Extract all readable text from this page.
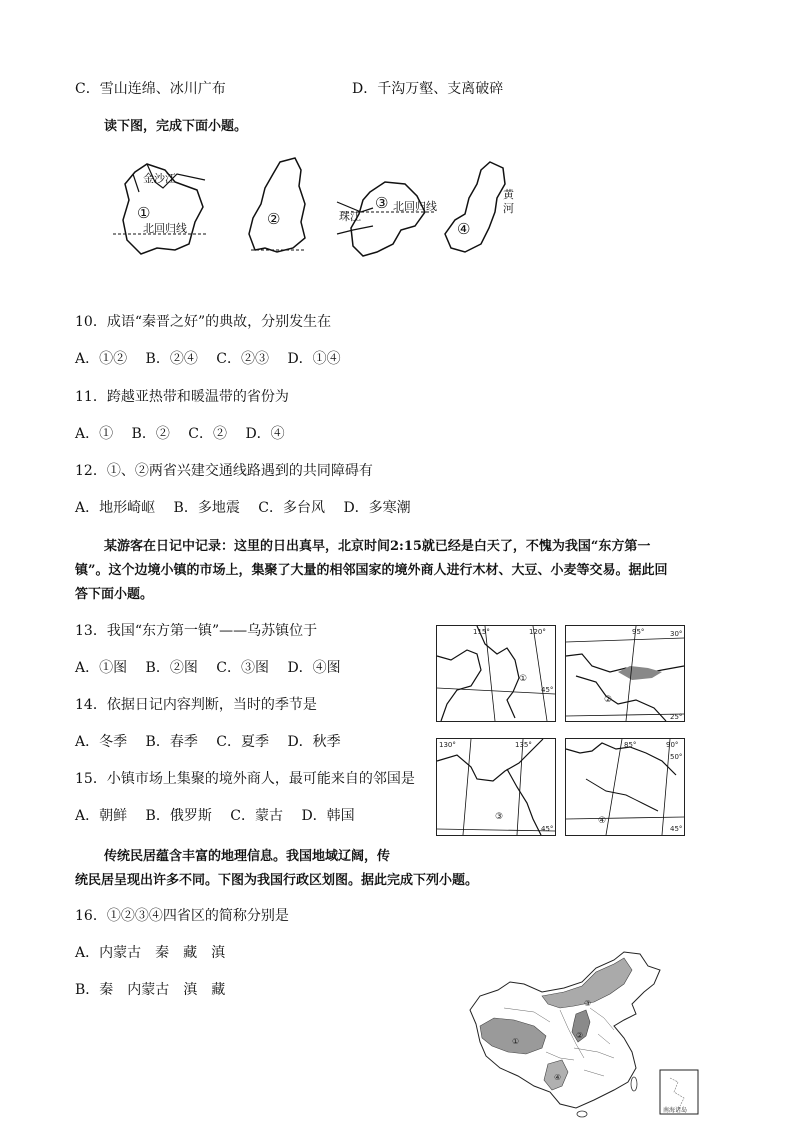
C．雪山连绵、冰川广布	D．千沟万壑、支离破碎
读下图，完成下面小题。
金沙江
①
北回归线
②
③ 北回归线
珠江
黄
河
④
10．成语“秦晋之好”的典故，分别发生在
A．①②　 B．②④　 C．②③　 D．①④
11．跨越亚热带和暖温带的省份为
A．①　 B．②　 C．②　 D．④
12．①、②两省兴建交通线路遇到的共同障碍有
A．地形崎岖　 B．多地震　 C．多台风　 D．多寒潮
某游客在日记中记录：这里的日出真早，北京时间2:15就已经是白天了，不愧为我国“东方第一
镇”。这个边境小镇的市场上，集聚了大量的相邻国家的境外商人进行木材、大豆、小麦等交易。据此回
答下面小题。
13．我国“东方第一镇”——乌苏镇位于
A．①图　 B．②图　 C．③图　 D．④图
14．依据日记内容判断，当时的季节是
A．冬季　 B．春季　 C．夏季　 D．秋季
15．小镇市场上集聚的境外商人，最可能来自的邻国是
A．朝鲜　 B．俄罗斯　 C．蒙古　 D．韩国
115°	120°
45°
①
95°	30°
25°
②
130°	135°
45°
③
85°	90°
50°
45°
④
传统民居蕴含丰富的地理信息。我国地域辽阔，传
统民居呈现出许多不同。下图为我国行政区划图。据此完成下列小题。
16．①②③④四省区的简称分别是
A．内蒙古　秦　藏　滇
B．秦　内蒙古　滇　藏
①
②
③
④
南海诸岛
